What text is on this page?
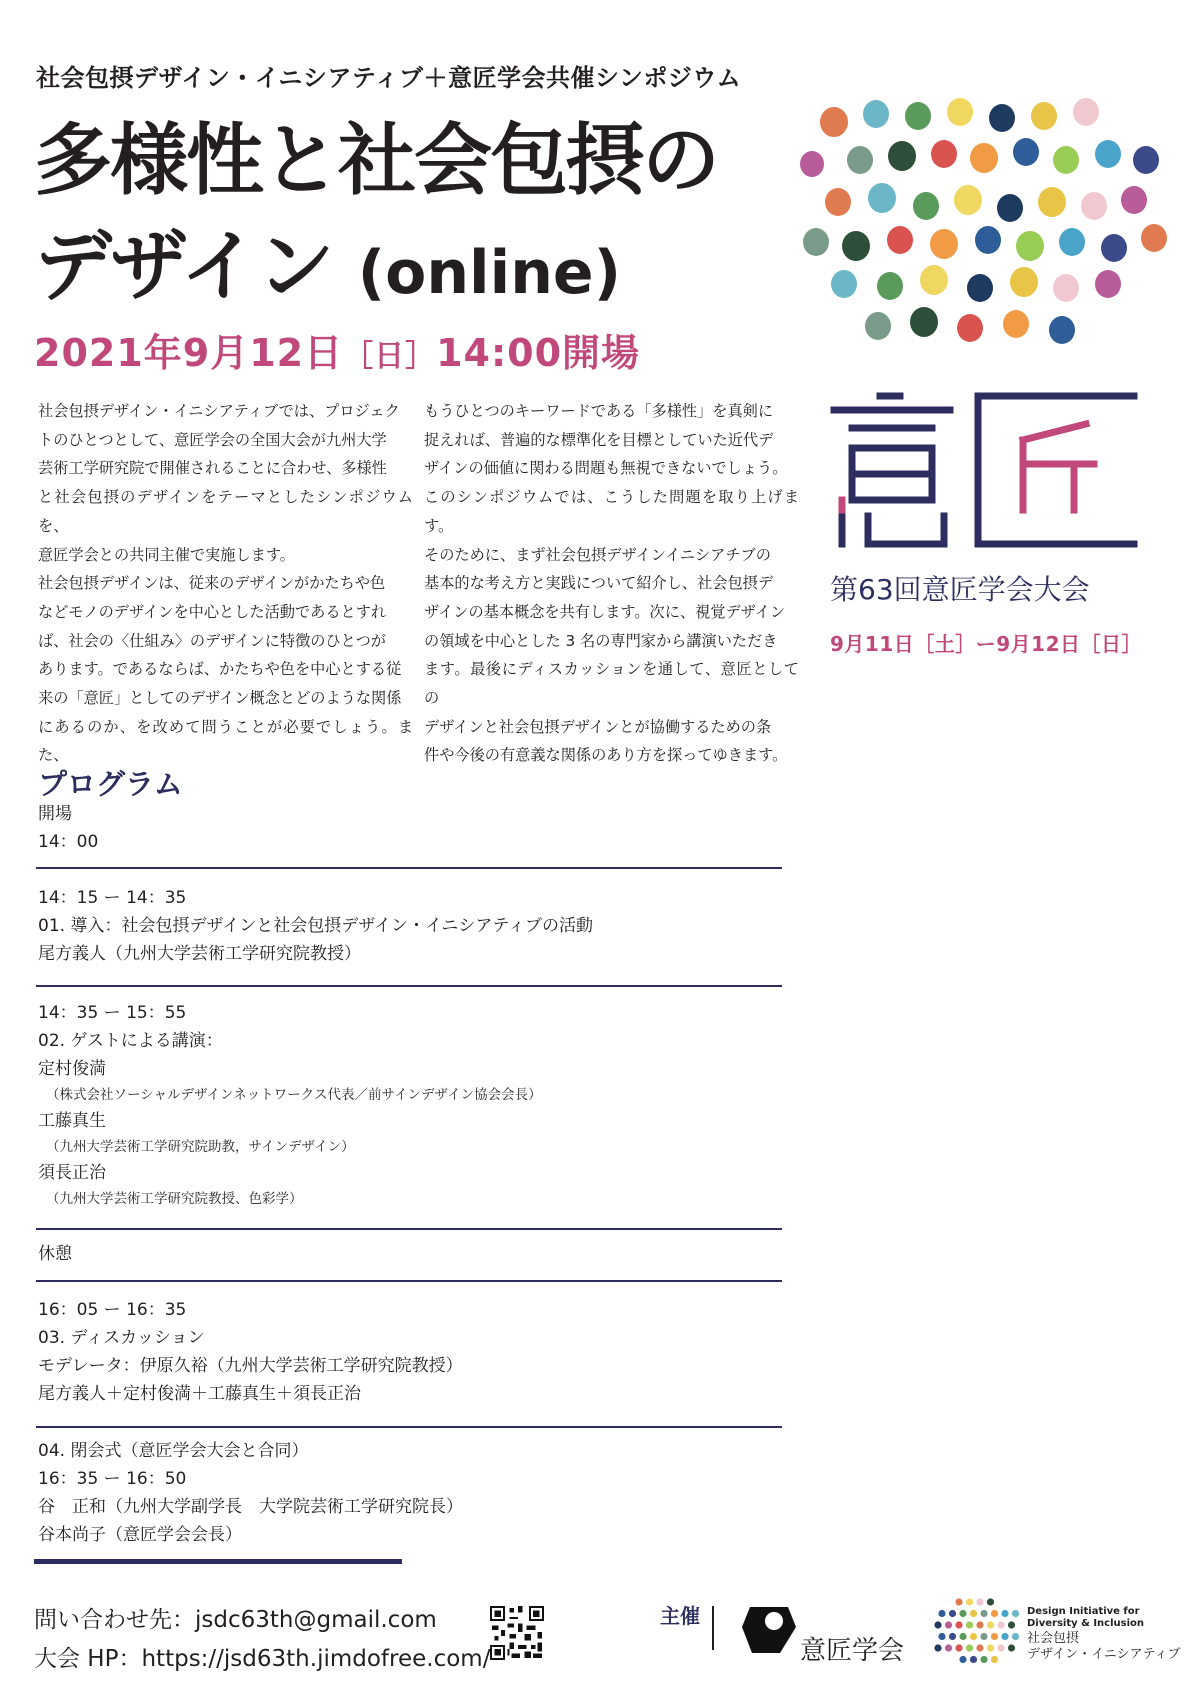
社会包摂デザイン・イニシアティブ＋意匠学会共催シンポジウム
多様性と社会包摂の
デザイン (online)
2021年9月12日［日］14:00開場
社会包摂デザイン・イニシアティブでは、プロジェク
トのひとつとして、意匠学会の全国大会が九州大学
芸術工学研究院で開催されることに合わせ、多様性
と社会包摂のデザインをテーマとしたシンポジウムを、
意匠学会との共同主催で実施します。
社会包摂デザインは、従来のデザインがかたちや色
などモノのデザインを中心とした活動であるとすれ
ば、社会の〈仕組み〉のデザインに特徴のひとつが
あります。であるならば、かたちや色を中心とする従
来の「意匠」としてのデザイン概念とどのような関係
にあるのか、を改めて問うことが必要でしょう。また、
もうひとつのキーワードである「多様性」を真剣に
捉えれば、普遍的な標準化を目標としていた近代デ
ザインの価値に関わる問題も無視できないでしょう。
このシンポジウムでは、こうした問題を取り上げます。
そのために、まず社会包摂デザインイニシアチブの
基本的な考え方と実践について紹介し、社会包摂デ
ザインの基本概念を共有します。次に、視覚デザイン
の領域を中心とした 3 名の専門家から講演いただき
ます。最後にディスカッションを通して、意匠としての
デザインと社会包摂デザインとが協働するための条
件や今後の有意義な関係のあり方を探ってゆきます。
第63回意匠学会大会
9月11日［土］ー9月12日［日］
プログラム
開場
14：00
14：15 ー 14：35
01. 導入：社会包摂デザインと社会包摂デザイン・イニシアティブの活動
尾方義人（九州大学芸術工学研究院教授）
14：35 ー 15：55
02. ゲストによる講演：
定村俊満
（株式会社ソーシャルデザインネットワークス代表／前サインデザイン協会会長）
工藤真生
（九州大学芸術工学研究院助教，サインデザイン）
須長正治
（九州大学芸術工学研究院教授、色彩学）
休憩
16：05 ー 16：35
03. ディスカッション
モデレータ：伊原久裕（九州大学芸術工学研究院教授）
尾方義人＋定村俊満＋工藤真生＋須長正治
04. 閉会式（意匠学会大会と合同）
16：35 ー 16：50
谷　正和（九州大学副学長　大学院芸術工学研究院長）
谷本尚子（意匠学会会長）
問い合わせ先：jsdc63th@gmail.com
大会 HP：https://jsd63th.jimdofree.com/
主催
意匠学会
Design Initiative for
Diversity & Inclusion
社会包摂
デザイン・イニシアティブ
